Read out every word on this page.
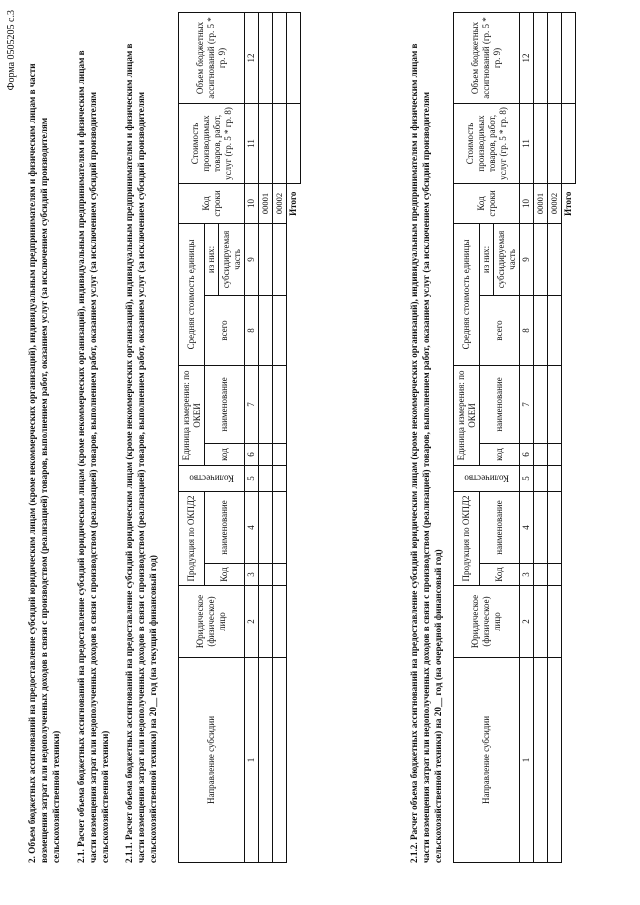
Форма 0505205 с.3
2. Объем бюджетных ассигнований на предоставление субсидий юридическим лицам (кроме некоммерческих организаций), индивидуальным предпринимателям и физическим лицам в части возмещения затрат или недополученных доходов в связи с производством (реализацией) товаров, выполнением работ, оказанием услуг (за исключением субсидий производителям сельскохозяйственной техники) 2.1. Расчет объема бюджетных ассигнований на предоставление субсидий юридическим лицам (кроме некоммерческих организаций), индивидуальным предпринимателям и физическим лицам в части возмещения затрат или недополученных доходов в связи с производством (реализацией) товаров, выполнением работ, оказанием услуг (за исключением субсидий производителям сельскохозяйственной техники) 2.1.1. Расчет объема бюджетных ассигнований на предоставление субсидий юридическим лицам (кроме некоммерческих организаций), индивидуальным предпринимателям и физическим лицам в части возмещения затрат или недополученных доходов в связи с производством (реализацией) товаров, выполнением работ, оказанием услуг (за исключением субсидий производителям сельскохозяйственной техники) на 20__ год (на текущий финансовый год)	Направление субсидии	Юридическое (физическое) лицо	Продукция по ОКПД2		Количество	Единица измерения: по ОКЕИ		Средняя стоимость единицы		Код строки	Стоимость производимых товаров, работ, услуг (гр. 5 * гр. 8)	Объем бюджетных ассигнований (гр. 5 * гр. 9)
		Код	наименование		код	наименование	всего	из них:			
								субсидируемая часть			
1	2	3	4	5	6	7	8	9	10	11	12
									00001		
									00002		
									Итого			2.1.2. Расчет объема бюджетных ассигнований на предоставление субсидий юридическим лицам (кроме некоммерческих организаций), индивидуальным предпринимателям и физическим лицам в части возмещения затрат или недополученных доходов в связи с производством (реализацией) товаров, выполнением работ, оказанием услуг (за исключением субсидий производителям сельскохозяйственной техники) на 20__ год (на очередной финансовый год)	Направление субсидии	Юридическое (физическое) лицо	Продукция по ОКПД2		Количество	Единица измерения: по ОКЕИ		Средняя стоимость единицы		Код строки	Стоимость производимых товаров, работ, услуг (гр. 5 * гр. 8)	Объем бюджетных ассигнований (гр. 5 * гр. 9)
		Код	наименование		код	наименование	всего	из них:			
								субсидируемая часть			
1	2	3	4	5	6	7	8	9	10	11	12
									00001		
									00002		
									Итого		
